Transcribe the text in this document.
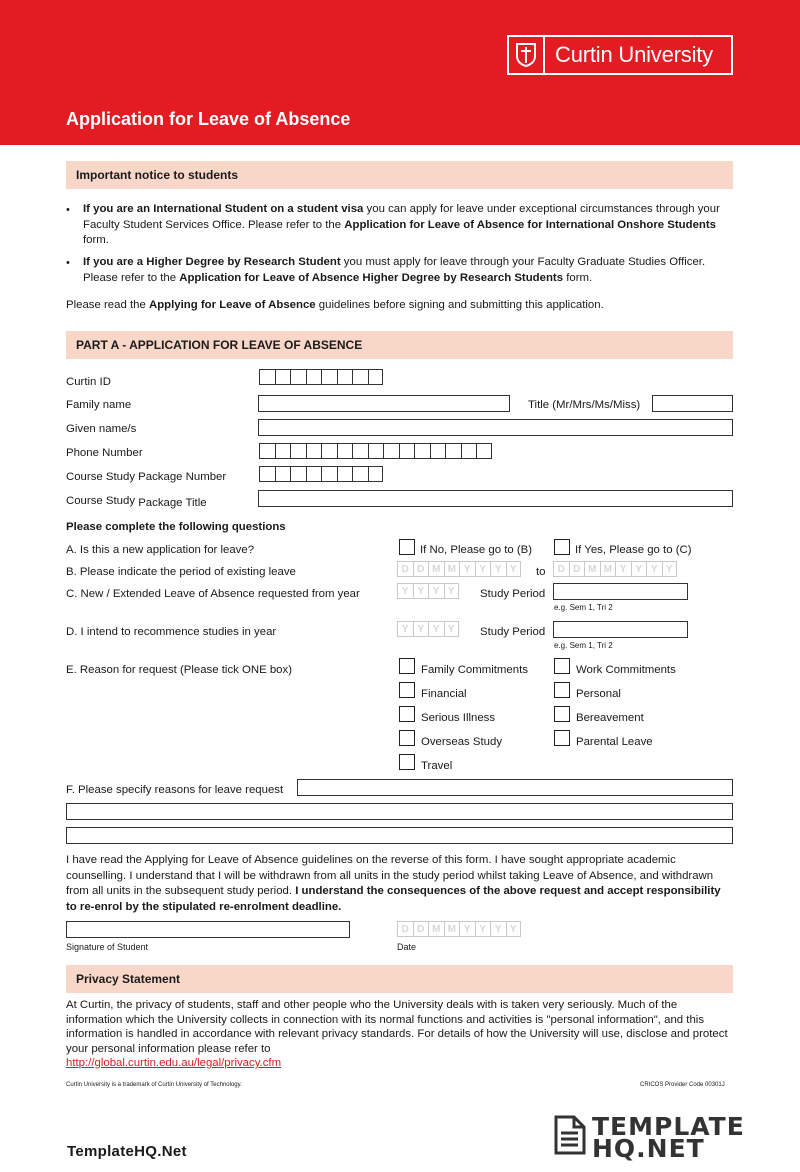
Curtin University
Application for Leave of Absence
Important notice to students
• If you are an International Student on a student visa you can apply for leave under exceptional circumstances through your Faculty Student Services Office. Please refer to the Application for Leave of Absence for International Onshore Students form.
• If you are a Higher Degree by Research Student you must apply for leave through your Faculty Graduate Studies Officer. Please refer to the Application for Leave of Absence Higher Degree by Research Students form.
Please read the Applying for Leave of Absence guidelines before signing and submitting this application.
PART A - APPLICATION FOR LEAVE OF ABSENCE
Curtin ID
Family name	Title (Mr/Mrs/Ms/Miss)
Given name/s
Phone Number
Course Study Package Number
Course Study Package Title
Please complete the following questions
A. Is this a new application for leave?	If No, Please go to (B)	If Yes, Please go to (C)
B. Please indicate the period of existing leave	D D M M Y Y Y Y	to	D D M M Y Y Y Y
C. New / Extended Leave of Absence requested from year	Y Y Y Y	Study Period
e.g. Sem 1, Tri 2
D. I intend to recommence studies in year	Y Y Y Y	Study Period
e.g. Sem 1, Tri 2
E. Reason for request (Please tick ONE box)	Family Commitments	Work Commitments
Financial	Personal
Serious Illness	Bereavement
Overseas Study	Parental Leave
Travel
F. Please specify reasons for leave request
I have read the Applying for Leave of Absence guidelines on the reverse of this form. I have sought appropriate academic counselling. I understand that I will be withdrawn from all units in the study period whilst taking Leave of Absence, and withdrawn from all units in the subsequent study period. I understand the consequences of the above request and accept responsibility to re-enrol by the stipulated re-enrolment deadline.
Signature of Student
D D M M Y Y Y Y
Date
Privacy Statement
At Curtin, the privacy of students, staff and other people who the University deals with is taken very seriously. Much of the information which the University collects in connection with its normal functions and activities is "personal information", and this information is handled in accordance with relevant privacy standards. For details of how the University will use, disclose and protect your personal information please refer to
http://global.curtin.edu.au/legal/privacy.cfm
Curtin University is a trademark of Curtin University of Technology.	CRICOS Provider Code 00301J
TemplateHQ.Net
TEMPLATE
HQ.NET
